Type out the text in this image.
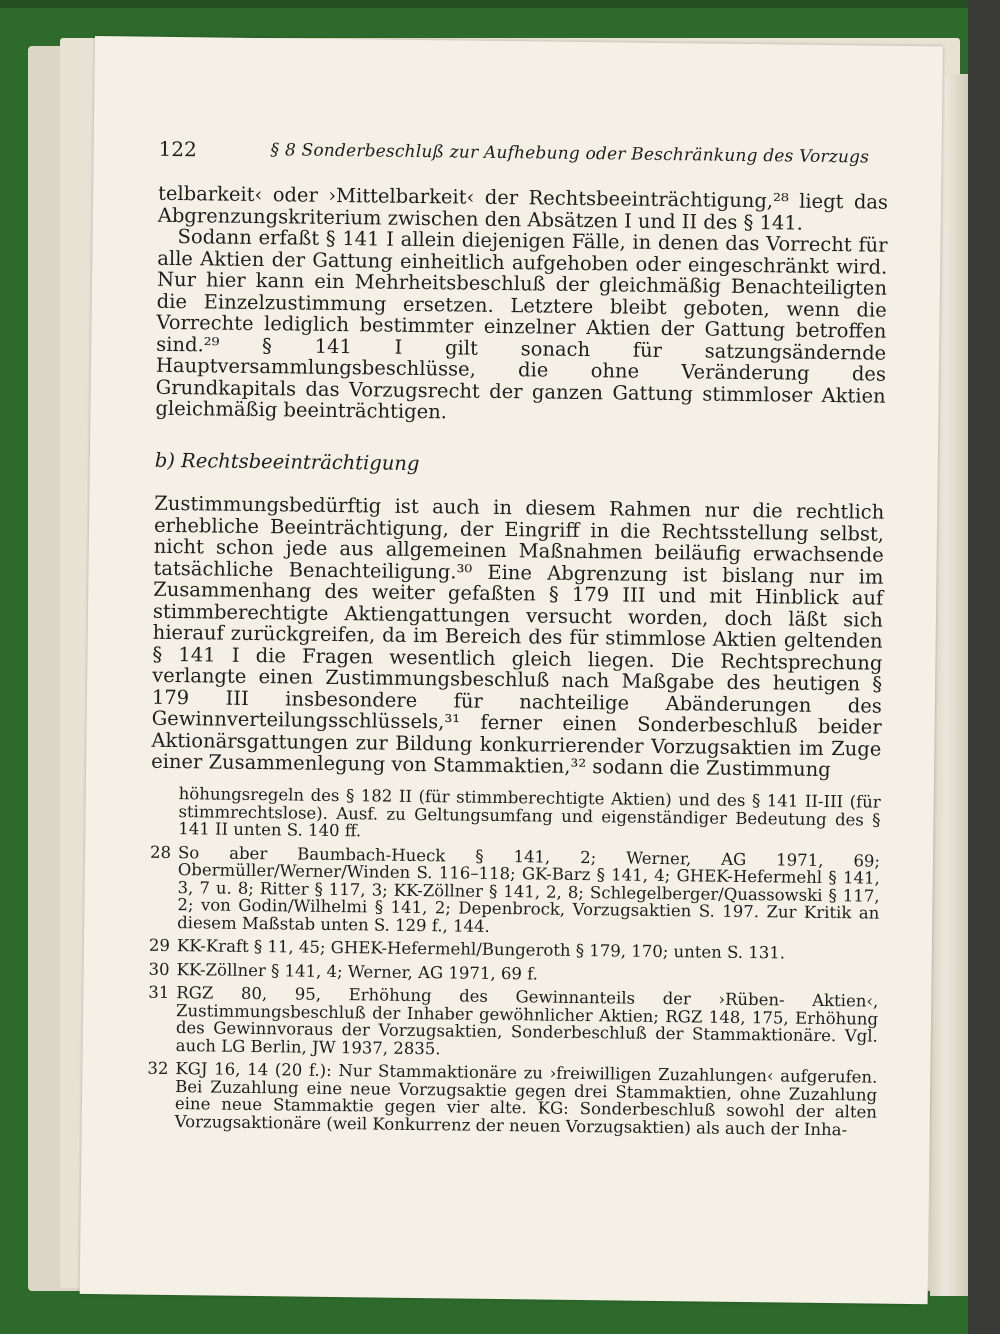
122	§ 8 Sonderbeschluß zur Aufhebung oder Beschränkung des Vorzugs

telbarkeit‹ oder ›Mittelbarkeit‹ der Rechtsbeeinträchtigung,²⁸ liegt das Abgrenzungskriterium zwischen den Absätzen I und II des § 141.

Sodann erfaßt § 141 I allein diejenigen Fälle, in denen das Vorrecht für alle Aktien der Gattung einheitlich aufgehoben oder eingeschränkt wird. Nur hier kann ein Mehrheitsbeschluß der gleichmäßig Benachteiligten die Einzelzustimmung ersetzen. Letztere bleibt geboten, wenn die Vorrechte lediglich bestimmter einzelner Aktien der Gattung betroffen sind.²⁹ § 141 I gilt sonach für satzungsändernde Hauptversammlungsbeschlüsse, die ohne Veränderung des Grundkapitals das Vorzugsrecht der ganzen Gattung stimmloser Aktien gleichmäßig beeinträchtigen.

b) Rechtsbeeinträchtigung

Zustimmungsbedürftig ist auch in diesem Rahmen nur die rechtlich erhebliche Beeinträchtigung, der Eingriff in die Rechtsstellung selbst, nicht schon jede aus allgemeinen Maßnahmen beiläufig erwachsende tatsächliche Benachteiligung.³⁰ Eine Abgrenzung ist bislang nur im Zusammenhang des weiter gefaßten § 179 III und mit Hinblick auf stimmberechtigte Aktiengattungen versucht worden, doch läßt sich hierauf zurückgreifen, da im Bereich des für stimmlose Aktien geltenden § 141 I die Fragen wesentlich gleich liegen. Die Rechtsprechung verlangte einen Zustimmungsbeschluß nach Maßgabe des heutigen § 179 III insbesondere für nachteilige Abänderungen des Gewinnverteilungsschlüssels,³¹ ferner einen Sonderbeschluß beider Aktionärsgattungen zur Bildung konkurrierender Vorzugsaktien im Zuge einer Zusammenlegung von Stammaktien,³² sodann die Zustimmung

höhungsregeln des § 182 II (für stimmberechtigte Aktien) und des § 141 II-III (für stimmrechtslose). Ausf. zu Geltungsumfang und eigenständiger Bedeutung des § 141 II unten S. 140 ff.
28 So aber Baumbach-Hueck § 141, 2; Werner, AG 1971, 69; Obermüller/Werner/Winden S. 116–118; GK-Barz § 141, 4; GHEK-Hefermehl § 141, 3, 7 u. 8; Ritter § 117, 3; KK-Zöllner § 141, 2, 8; Schlegelberger/Quassowski § 117, 2; von Godin/Wilhelmi § 141, 2; Depenbrock, Vorzugsaktien S. 197. Zur Kritik an diesem Maßstab unten S. 129 f., 144.
29 KK-Kraft § 11, 45; GHEK-Hefermehl/Bungeroth § 179, 170; unten S. 131.
30 KK-Zöllner § 141, 4; Werner, AG 1971, 69 f.
31 RGZ 80, 95, Erhöhung des Gewinnanteils der ›Rüben- Aktien‹, Zustimmungsbeschluß der Inhaber gewöhnlicher Aktien; RGZ 148, 175, Erhöhung des Gewinnvoraus der Vorzugsaktien, Sonderbeschluß der Stammaktionäre. Vgl. auch LG Berlin, JW 1937, 2835.
32 KGJ 16, 14 (20 f.): Nur Stammaktionäre zu ›freiwilligen Zuzahlungen‹ aufgerufen. Bei Zuzahlung eine neue Vorzugsaktie gegen drei Stammaktien, ohne Zuzahlung eine neue Stammaktie gegen vier alte. KG: Sonderbeschluß sowohl der alten Vorzugsaktionäre (weil Konkurrenz der neuen Vorzugsaktien) als auch der Inha-
